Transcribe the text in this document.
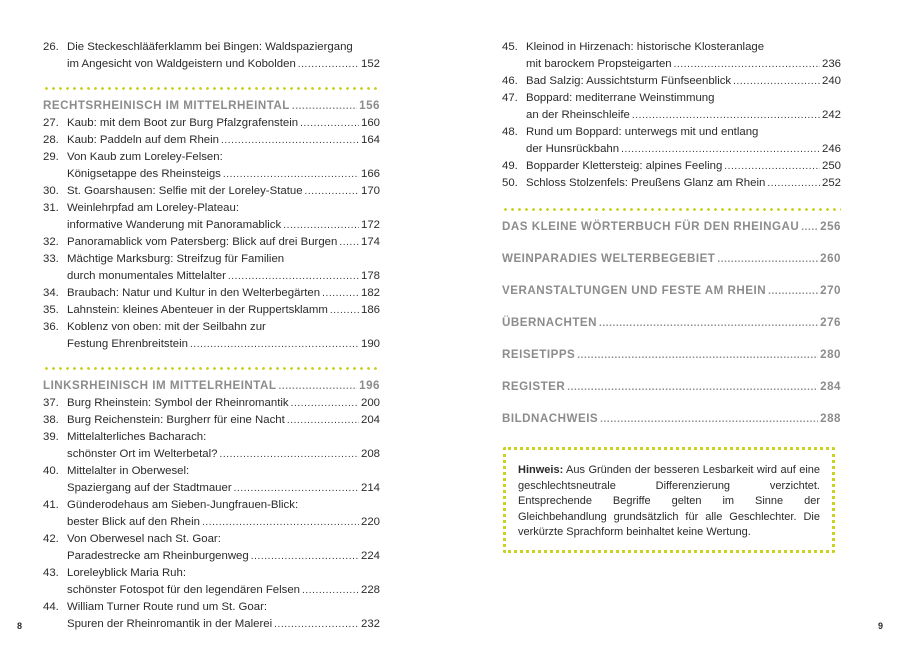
26. Die Steckeschlääferklamm bei Bingen: Waldspaziergang
im Angesicht von Waldgeistern und Kobolden .....	152
RECHTSRHEINISCH IM MITTELRHEINTAL .....	156
27. Kaub: mit dem Boot zur Burg Pfalzgrafenstein .....	160
28. Kaub: Paddeln auf dem Rhein .....	164
29. Von Kaub zum Loreley-Felsen:
Königsetappe des Rheinsteigs .....	166
30. St. Goarshausen: Selfie mit der Loreley-Statue .....	170
31. Weinlehrpfad am Loreley-Plateau:
informative Wanderung mit Panoramablick .....	172
32. Panoramablick vom Patersberg: Blick auf drei Burgen ..... 174
33. Mächtige Marksburg: Streifzug für Familien
durch monumentales Mittelalter .....	178
34. Braubach: Natur und Kultur in den Welterbegärten .....	182
35. Lahnstein: kleines Abenteuer in der Ruppertsklamm .....	186
36. Koblenz von oben: mit der Seilbahn zur
Festung Ehrenbreitstein .....	190
LINKSRHEINISCH IM MITTELRHEINTAL .....	196
37. Burg Rheinstein: Symbol der Rheinromantik .....	200
38. Burg Reichenstein: Burgherr für eine Nacht .....	204
39. Mittelalterliches Bacharach:
schönster Ort im Welterbetal? .....	208
40. Mittelalter in Oberwesel:
Spaziergang auf der Stadtmauer .....	214
41. Günderodehaus am Sieben-Jungfrauen-Blick:
bester Blick auf den Rhein .....	220
42. Von Oberwesel nach St. Goar:
Paradestrecke am Rheinburgenweg .....	224
43. Loreleyblick Maria Ruh:
schönster Fotospot für den legendären Felsen .....	228
44. William Turner Route rund um St. Goar:
Spuren der Rheinromantik in der Malerei .....	232
8
45. Kleinod in Hirzenach: historische Klosteranlage
mit barockem Propsteigarten .....	236
46. Bad Salzig: Aussichtsturm Fünfseenblick .....	240
47. Boppard: mediterrane Weinstimmung
an der Rheinschleife .....	242
48. Rund um Boppard: unterwegs mit und entlang
der Hunsrückbahn .....	246
49. Bopparder Klettersteig: alpines Feeling .....	250
50. Schloss Stolzenfels: Preußens Glanz am Rhein .....	252
DAS KLEINE WÖRTERBUCH FÜR DEN RHEINGAU ..... 256
WEINPARADIES WELTERBEGEBIET .....	260
VERANSTALTUNGEN UND FESTE AM RHEIN .....	270
ÜBERNACHTEN .....	276
REISETIPPS .....	280
REGISTER .....	284
BILDNACHWEIS .....	288
Hinweis: Aus Gründen der besseren Lesbarkeit wird auf eine geschlechtsneutrale Differenzierung verzichtet. Entsprechende Begriffe gelten im Sinne der Gleichbehandlung grundsätzlich für alle Geschlechter. Die verkürzte Sprachform beinhaltet keine Wertung.
9
